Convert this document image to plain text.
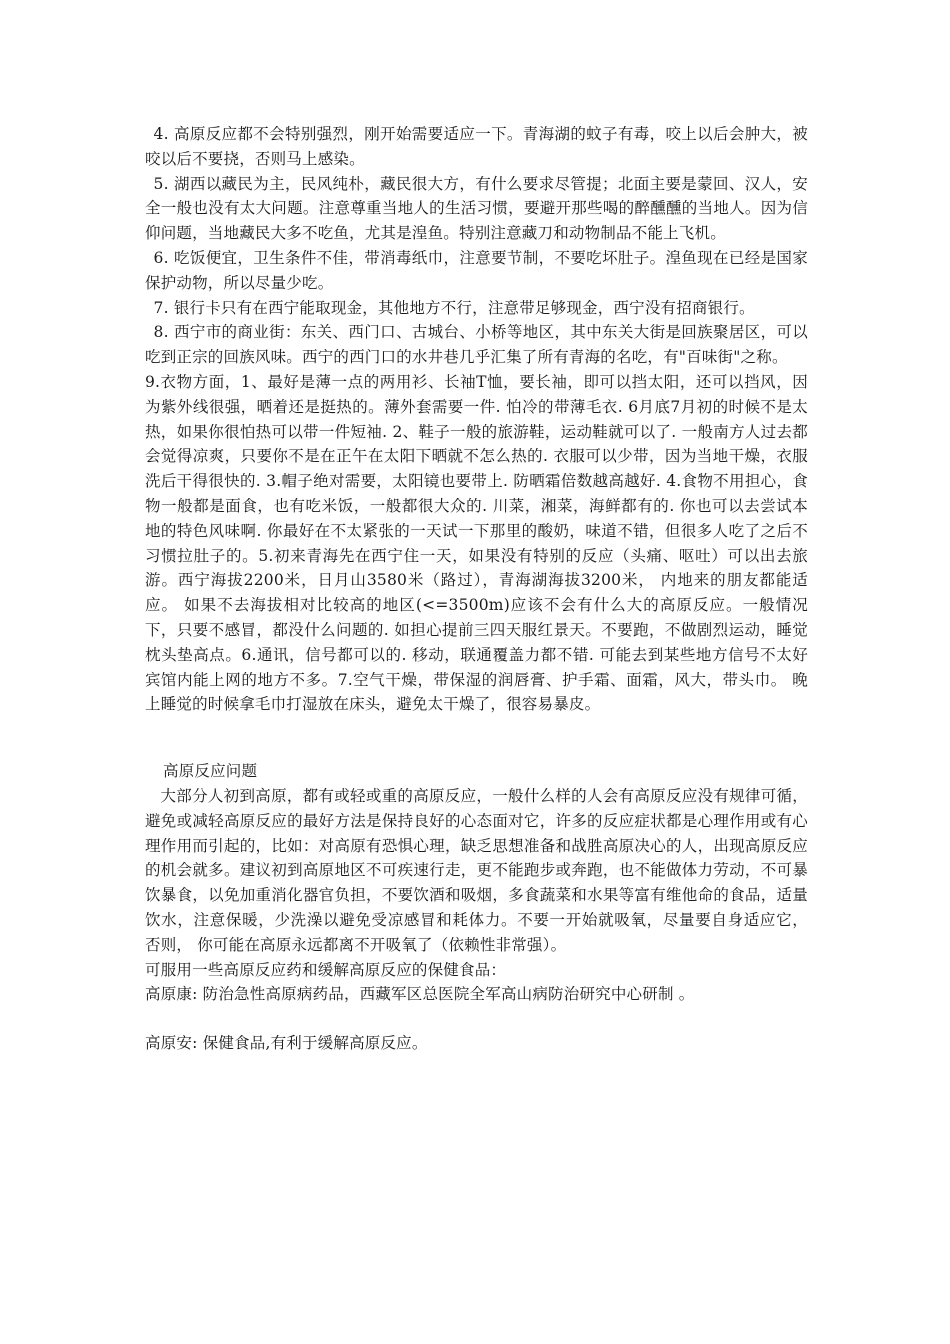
4. 高原反应都不会特别强烈，刚开始需要适应一下。青海湖的蚊子有毒，咬上以后会肿大，被咬以后不要挠，否则马上感染。

5. 湖西以藏民为主，民风纯朴，藏民很大方，有什么要求尽管提；北面主要是蒙回、汉人，安全一般也没有太大问题。注意尊重当地人的生活习惯，要避开那些喝的醉醺醺的当地人。因为信仰问题，当地藏民大多不吃鱼，尤其是湟鱼。特别注意藏刀和动物制品不能上飞机。

6. 吃饭便宜，卫生条件不佳，带消毒纸巾，注意要节制，不要吃坏肚子。湟鱼现在已经是国家保护动物，所以尽量少吃。

7. 银行卡只有在西宁能取现金，其他地方不行，注意带足够现金，西宁没有招商银行。

8. 西宁市的商业街：东关、西门口、古城台、小桥等地区，其中东关大街是回族聚居区，可以吃到正宗的回族风味。西宁的西门口的水井巷几乎汇集了所有青海的名吃，有"百味街"之称。

9.衣物方面，1、最好是薄一点的两用衫、长袖T恤，要长袖，即可以挡太阳，还可以挡风，因为紫外线很强，晒着还是挺热的。薄外套需要一件. 怕冷的带薄毛衣. 6月底7月初的时候不是太热，如果你很怕热可以带一件短袖. 2、鞋子一般的旅游鞋，运动鞋就可以了. 一般南方人过去都会觉得凉爽，只要你不是在正午在太阳下晒就不怎么热的. 衣服可以少带，因为当地干燥，衣服洗后干得很快的. 3.帽子绝对需要，太阳镜也要带上. 防晒霜倍数越高越好. 4.食物不用担心，食物一般都是面食，也有吃米饭，一般都很大众的. 川菜，湘菜，海鲜都有的. 你也可以去尝试本地的特色风味啊. 你最好在不太紧张的一天试一下那里的酸奶，味道不错，但很多人吃了之后不习惯拉肚子的。5.初来青海先在西宁住一天，如果没有特别的反应（头痛、呕吐）可以出去旅游。西宁海拔2200米，日月山3580米（路过），青海湖海拔3200米， 内地来的朋友都能适应。 如果不去海拔相对比较高的地区(<=3500m)应该不会有什么大的高原反应。一般情况下，只要不感冒，都没什么问题的. 如担心提前三四天服红景天。不要跑，不做剧烈运动，睡觉枕头垫高点。6.通讯，信号都可以的. 移动，联通覆盖力都不错. 可能去到某些地方信号不太好宾馆内能上网的地方不多。7.空气干燥，带保湿的润唇膏、护手霜、面霜，风大，带头巾。 晚上睡觉的时候拿毛巾打湿放在床头，避免太干燥了，很容易暴皮。

高原反应问题

大部分人初到高原，都有或轻或重的高原反应，一般什么样的人会有高原反应没有规律可循，避免或减轻高原反应的最好方法是保持良好的心态面对它，许多的反应症状都是心理作用或有心理作用而引起的，比如：对高原有恐惧心理，缺乏思想准备和战胜高原决心的人，出现高原反应的机会就多。建议初到高原地区不可疾速行走，更不能跑步或奔跑，也不能做体力劳动，不可暴饮暴食，以免加重消化器官负担，不要饮酒和吸烟，多食蔬菜和水果等富有维他命的食品，适量饮水，注意保暖，少洗澡以避免受凉感冒和耗体力。不要一开始就吸氧，尽量要自身适应它， 否则， 你可能在高原永远都离不开吸氧了（依赖性非常强）。

可服用一些高原反应药和缓解高原反应的保健食品：

高原康: 防治急性高原病药品，西藏军区总医院全军高山病防治研究中心研制 。

高原安: 保健食品,有利于缓解高原反应。
